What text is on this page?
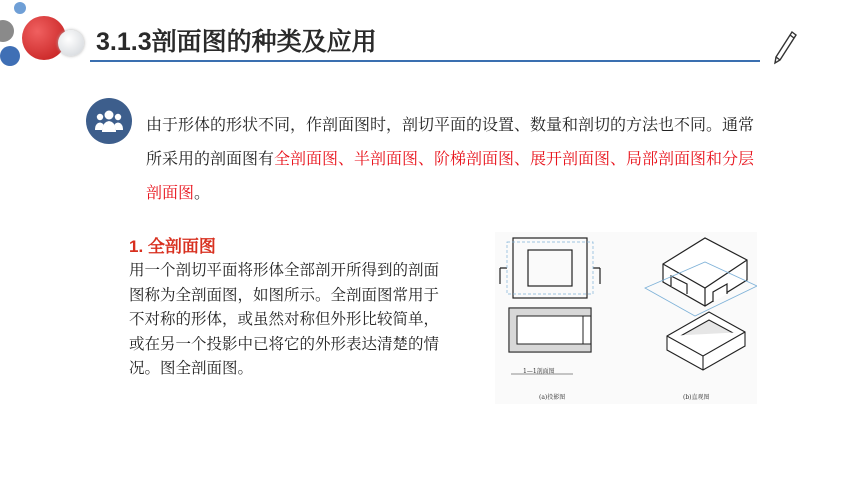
3.1.3剖面图的种类及应用
由于形体的形状不同，作剖面图时，剖切平面的设置、数量和剖切的方法也不同。通常所采用的剖面图有全剖面图、半剖面图、阶梯剖面图、展开剖面图、局部剖面图和分层剖面图。
1. 全剖面图
用一个剖切平面将形体全部剖开所得到的剖面图称为全剖面图，如图所示。全剖面图常用于不对称的形体，或虽然对称但外形比较简单，或在另一个投影中已将它的外形表达清楚的情况。图全剖面图。	1—1剖面图
(a)投影图	(b)直观图
